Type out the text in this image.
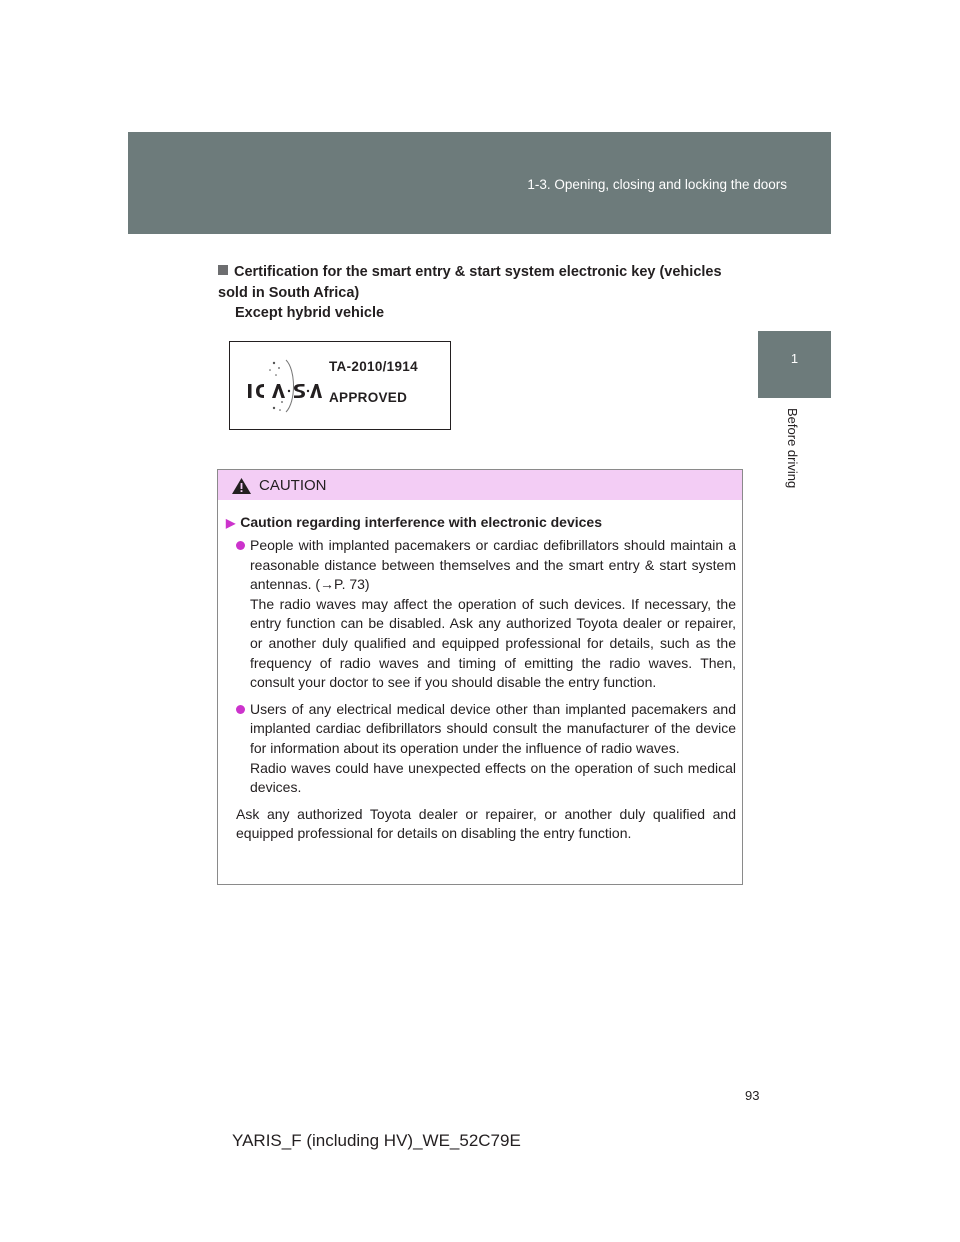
1-3. Opening, closing and locking the doors
1
Before driving
Certification for the smart entry & start system electronic key (vehicles sold in South Africa)
Except hybrid vehicle
TA-2010/1914
APPROVED
CAUTION
▶ Caution regarding interference with electronic devices

People with implanted pacemakers or cardiac defibrillators should maintain a reasonable distance between themselves and the smart entry & start system antennas. (→P. 73)

The radio waves may affect the operation of such devices. If necessary, the entry function can be disabled. Ask any authorized Toyota dealer or repairer, or another duly qualified and equipped professional for details, such as the frequency of radio waves and timing of emitting the radio waves. Then, consult your doctor to see if you should disable the entry function.

Users of any electrical medical device other than implanted pacemakers and implanted cardiac defibrillators should consult the manufacturer of the device for information about its operation under the influence of radio waves.

Radio waves could have unexpected effects on the operation of such medical devices.

Ask any authorized Toyota dealer or repairer, or another duly qualified and equipped professional for details on disabling the entry function.

93
YARIS_F (including HV)_WE_52C79E
